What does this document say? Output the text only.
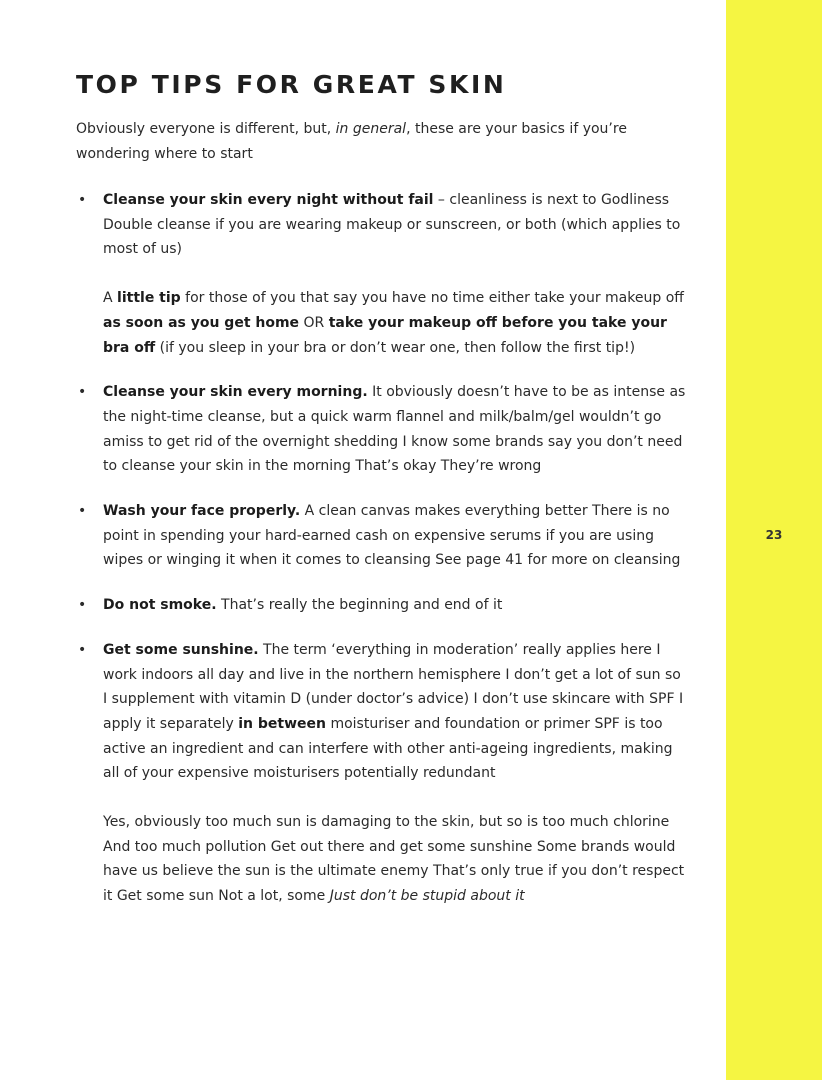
TOP TIPS FOR GREAT SKIN

Obviously everyone is different, but, in general, these are your basics if you’re wondering where to start

• Cleanse your skin every night without fail – cleanliness is next to Godliness Double cleanse if you are wearing makeup or sunscreen, or both (which applies to most of us)

A little tip for those of you that say you have no time either take your makeup off as soon as you get home OR take your makeup off before you take your bra off (if you sleep in your bra or don’t wear one, then follow the first tip!)

• Cleanse your skin every morning. It obviously doesn’t have to be as intense as the night-time cleanse, but a quick warm flannel and milk/balm/gel wouldn’t go amiss to get rid of the overnight shedding I know some brands say you don’t need to cleanse your skin in the morning That’s okay They’re wrong

• Wash your face properly. A clean canvas makes everything better There is no point in spending your hard-earned cash on expensive serums if you are using wipes or winging it when it comes to cleansing See page 41 for more on cleansing

• Do not smoke. That’s really the beginning and end of it

• Get some sunshine. The term ‘everything in moderation’ really applies here I work indoors all day and live in the northern hemisphere I don’t get a lot of sun so I supplement with vitamin D (under doctor’s advice) I don’t use skincare with SPF I apply it separately in between moisturiser and foundation or primer SPF is too active an ingredient and can interfere with other anti-ageing ingredients, making all of your expensive moisturisers potentially redundant

Yes, obviously too much sun is damaging to the skin, but so is too much chlorine And too much pollution Get out there and get some sunshine Some brands would have us believe the sun is the ultimate enemy That’s only true if you don’t respect it Get some sun Not a lot, some Just don’t be stupid about it

23
